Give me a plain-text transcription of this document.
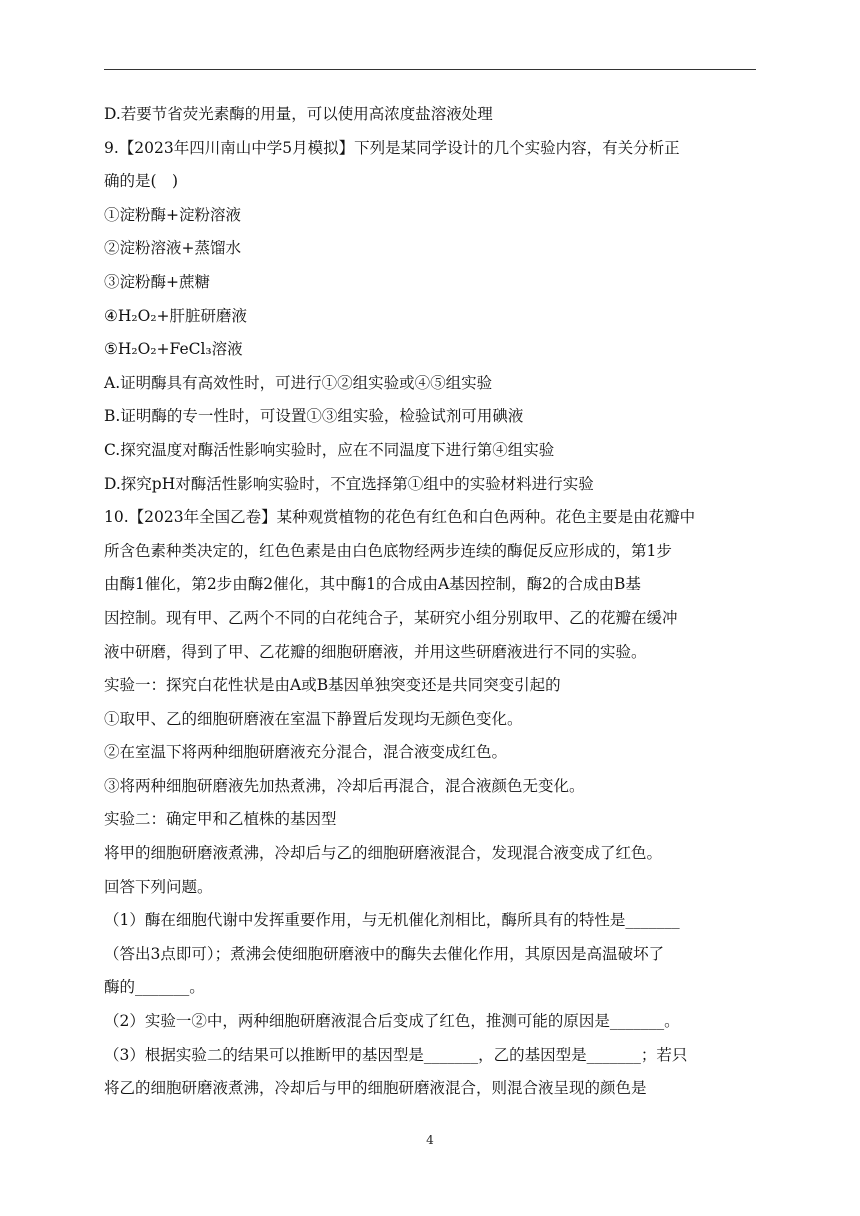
D.若要节省荧光素酶的用量，可以使用高浓度盐溶液处理
9.【2023年四川南山中学5月模拟】下列是某同学设计的几个实验内容，有关分析正
确的是(　)
①淀粉酶+淀粉溶液
②淀粉溶液+蒸馏水
③淀粉酶+蔗糖
④H₂O₂+肝脏研磨液
⑤H₂O₂+FeCl₃溶液
A.证明酶具有高效性时，可进行①②组实验或④⑤组实验
B.证明酶的专一性时，可设置①③组实验，检验试剂可用碘液
C.探究温度对酶活性影响实验时，应在不同温度下进行第④组实验
D.探究pH对酶活性影响实验时，不宜选择第①组中的实验材料进行实验
10.【2023年全国乙卷】某种观赏植物的花色有红色和白色两种。花色主要是由花瓣中
所含色素种类决定的，红色色素是由白色底物经两步连续的酶促反应形成的，第1步
由酶1催化，第2步由酶2催化，其中酶1的合成由A基因控制，酶2的合成由B基
因控制。现有甲、乙两个不同的白花纯合子，某研究小组分别取甲、乙的花瓣在缓冲
液中研磨，得到了甲、乙花瓣的细胞研磨液，并用这些研磨液进行不同的实验。
实验一：探究白花性状是由A或B基因单独突变还是共同突变引起的
①取甲、乙的细胞研磨液在室温下静置后发现均无颜色变化。
②在室温下将两种细胞研磨液充分混合，混合液变成红色。
③将两种细胞研磨液先加热煮沸，冷却后再混合，混合液颜色无变化。
实验二：确定甲和乙植株的基因型
将甲的细胞研磨液煮沸，冷却后与乙的细胞研磨液混合，发现混合液变成了红色。
回答下列问题。
（1）酶在细胞代谢中发挥重要作用，与无机催化剂相比，酶所具有的特性是_______
（答出3点即可）；煮沸会使细胞研磨液中的酶失去催化作用，其原因是高温破坏了
酶的_______。
（2）实验一②中，两种细胞研磨液混合后变成了红色，推测可能的原因是_______。
（3）根据实验二的结果可以推断甲的基因型是_______，乙的基因型是_______；若只
将乙的细胞研磨液煮沸，冷却后与甲的细胞研磨液混合，则混合液呈现的颜色是
4
